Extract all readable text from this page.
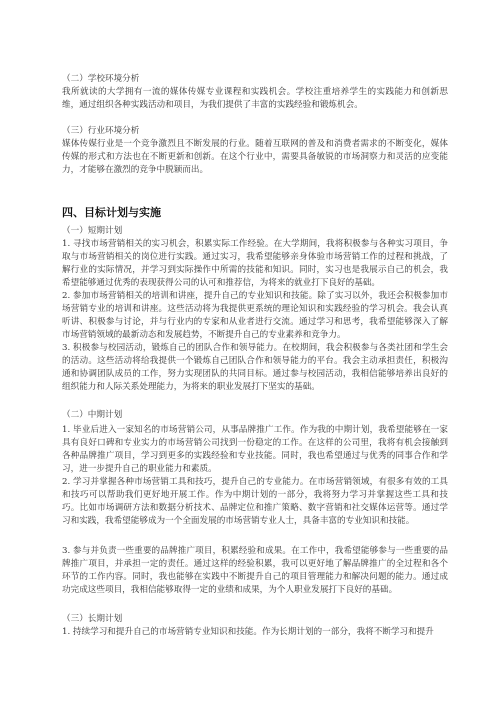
（二）学校环境分析
我所就读的大学拥有一流的媒体传媒专业课程和实践机会。学校注重培养学生的实践能力和创新思维，通过组织各种实践活动和项目，为我们提供了丰富的实践经验和锻炼机会。
（三）行业环境分析
媒体传媒行业是一个竞争激烈且不断发展的行业。随着互联网的普及和消费者需求的不断变化，媒体传媒的形式和方法也在不断更新和创新。在这个行业中，需要具备敏锐的市场洞察力和灵活的应变能力，才能够在激烈的竞争中脱颖而出。
四、目标计划与实施
（一）短期计划
1. 寻找市场营销相关的实习机会，积累实际工作经验。在大学期间，我将积极参与各种实习项目，争取与市场营销相关的岗位进行实践。通过实习，我希望能够亲身体验市场营销工作的过程和挑战，了解行业的实际情况，并学习到实际操作中所需的技能和知识。同时，实习也是我展示自己的机会，我希望能够通过优秀的表现获得公司的认可和推荐信，为将来的就业打下良好的基础。
2. 参加市场营销相关的培训和讲座，提升自己的专业知识和技能。除了实习以外，我还会积极参加市场营销专业的培训和讲座。这些活动将为我提供更系统的理论知识和实践经验的学习机会。我会认真听讲、积极参与讨论，并与行业内的专家和从业者进行交流。通过学习和思考，我希望能够深入了解市场营销领域的最新动态和发展趋势，不断提升自己的专业素养和竞争力。
3. 积极参与校园活动，锻炼自己的团队合作和领导能力。在校期间，我会积极参与各类社团和学生会的活动。这些活动将给我提供一个锻炼自己团队合作和领导能力的平台。我会主动承担责任，积极沟通和协调团队成员的工作，努力实现团队的共同目标。通过参与校园活动，我相信能够培养出良好的组织能力和人际关系处理能力，为将来的职业发展打下坚实的基础。
（二）中期计划
1. 毕业后进入一家知名的市场营销公司，从事品牌推广工作。作为我的中期计划，我希望能够在一家具有良好口碑和专业实力的市场营销公司找到一份稳定的工作。在这样的公司里，我将有机会接触到各种品牌推广项目，学习到更多的实践经验和专业技能。同时，我也希望通过与优秀的同事合作和学习，进一步提升自己的职业能力和素质。
2. 学习并掌握各种市场营销工具和技巧，提升自己的专业能力。在市场营销领域，有很多有效的工具和技巧可以帮助我们更好地开展工作。作为中期计划的一部分，我将努力学习并掌握这些工具和技巧。比如市场调研方法和数据分析技术、品牌定位和推广策略、数字营销和社交媒体运营等。通过学习和实践，我希望能够成为一个全面发展的市场营销专业人士，具备丰富的专业知识和技能。
3. 参与并负责一些重要的品牌推广项目，积累经验和成果。在工作中，我希望能够参与一些重要的品牌推广项目，并承担一定的责任。通过这样的经验积累，我可以更好地了解品牌推广的全过程和各个环节的工作内容。同时，我也能够在实践中不断提升自己的项目管理能力和解决问题的能力。通过成功完成这些项目，我相信能够取得一定的业绩和成果，为个人职业发展打下良好的基础。
（三）长期计划
1. 持续学习和提升自己的市场营销专业知识和技能。作为长期计划的一部分，我将不断学习和提升
